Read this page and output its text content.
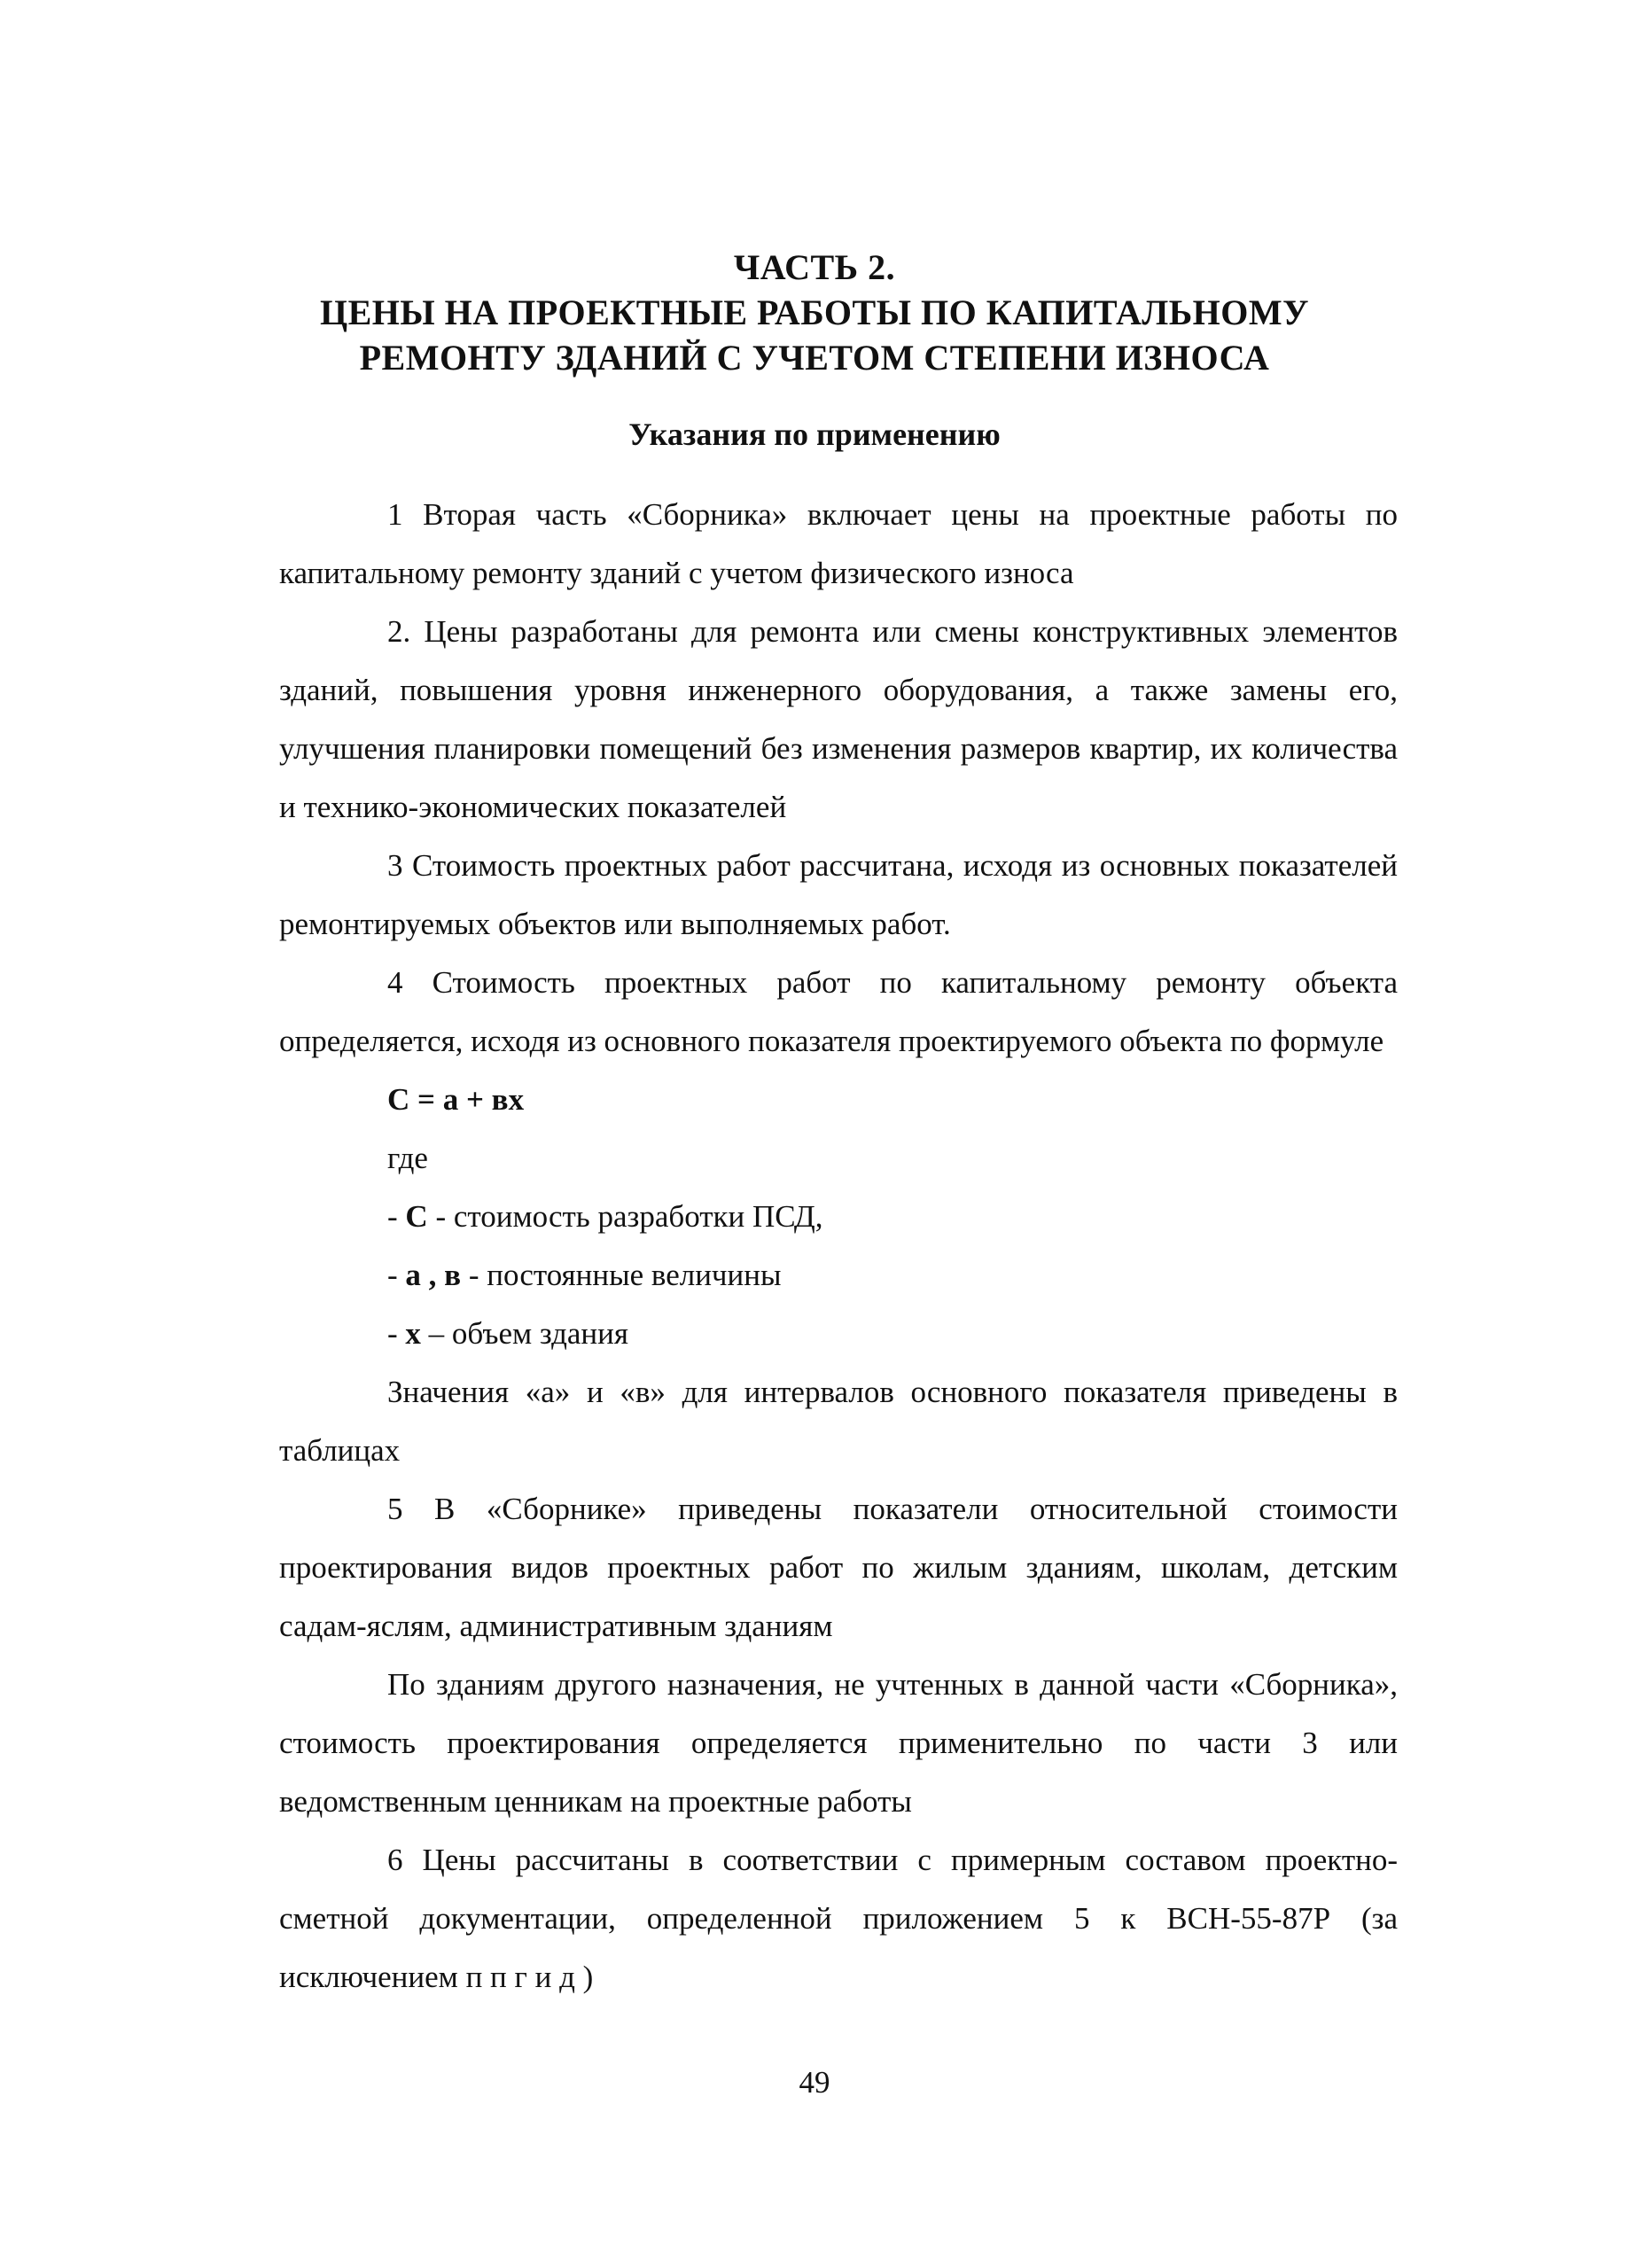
ЧАСТЬ 2.
ЦЕНЫ НА ПРОЕКТНЫЕ РАБОТЫ ПО КАПИТАЛЬНОМУ
РЕМОНТУ ЗДАНИЙ С УЧЕТОМ СТЕПЕНИ ИЗНОСА
Указания по применению

1 Вторая часть «Сборника» включает цены на проектные работы по капитальному ремонту зданий с учетом физического износа

2. Цены разработаны для ремонта или смены конструктивных элементов зданий, повышения уровня инженерного оборудования, а также замены его, улучшения планировки помещений без изменения размеров квартир, их количества и технико-экономических показателей

3 Стоимость проектных работ рассчитана, исходя из основных показателей ремонтируемых объектов или выполняемых работ.

4 Стоимость проектных работ по капитальному ремонту объекта определяется, исходя из основного показателя проектируемого объекта по формуле

С = а + вх

где

- С - стоимость разработки ПСД,

- а , в - постоянные величины

- х – объем здания

Значения «а» и «в» для интервалов основного показателя приведены в таблицах

5 В «Сборнике» приведены показатели относительной стоимости проектирования видов проектных работ по жилым зданиям, школам, детским садам-яслям, административным зданиям

По зданиям другого назначения, не учтенных в данной части «Сборника», стоимость проектирования определяется применительно по части 3 или ведомственным ценникам на проектные работы

6 Цены рассчитаны в соответствии с примерным составом проектно-сметной документации, определенной приложением 5 к ВСН-55-87Р (за исключением п п г и д )

49
